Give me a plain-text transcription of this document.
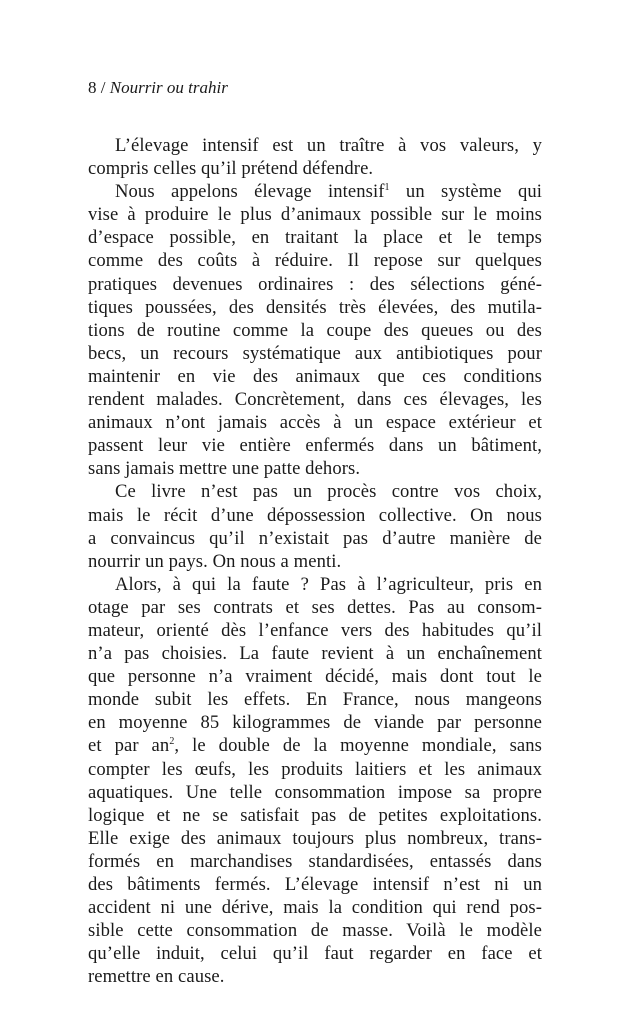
8 / Nourrir ou trahir
L’élevage intensif est un traître à vos valeurs, y
compris celles qu’il prétend défendre.
Nous appelons élevage intensif$^1$ un système qui
vise à produire le plus d’animaux possible sur le moins
d’espace possible, en traitant la place et le temps
comme des coûts à réduire. Il repose sur quelques
pratiques devenues ordinaires : des sélections géné-
tiques poussées, des densités très élevées, des mutila-
tions de routine comme la coupe des queues ou des
becs, un recours systématique aux antibiotiques pour
maintenir en vie des animaux que ces conditions
rendent malades. Concrètement, dans ces élevages, les
animaux n’ont jamais accès à un espace extérieur et
passent leur vie entière enfermés dans un bâtiment,
sans jamais mettre une patte dehors.
Ce livre n’est pas un procès contre vos choix,
mais le récit d’une dépossession collective. On nous
a convaincus qu’il n’existait pas d’autre manière de
nourrir un pays. On nous a menti.
Alors, à qui la faute ? Pas à l’agriculteur, pris en
otage par ses contrats et ses dettes. Pas au consom-
mateur, orienté dès l’enfance vers des habitudes qu’il
n’a pas choisies. La faute revient à un enchaînement
que personne n’a vraiment décidé, mais dont tout le
monde subit les effets. En France, nous mangeons
en moyenne 85 kilogrammes de viande par personne
et par $an^2$, le double de la moyenne mondiale, sans
compter les œufs, les produits laitiers et les animaux
aquatiques. Une telle consommation impose sa propre
logique et ne se satisfait pas de petites exploitations.
Elle exige des animaux toujours plus nombreux, trans-
formés en marchandises standardisées, entassés dans
des bâtiments fermés. L’élevage intensif n’est ni un
accident ni une dérive, mais la condition qui rend pos-
sible cette consommation de masse. Voilà le modèle
qu’elle induit, celui qu’il faut regarder en face et
remettre en cause.
